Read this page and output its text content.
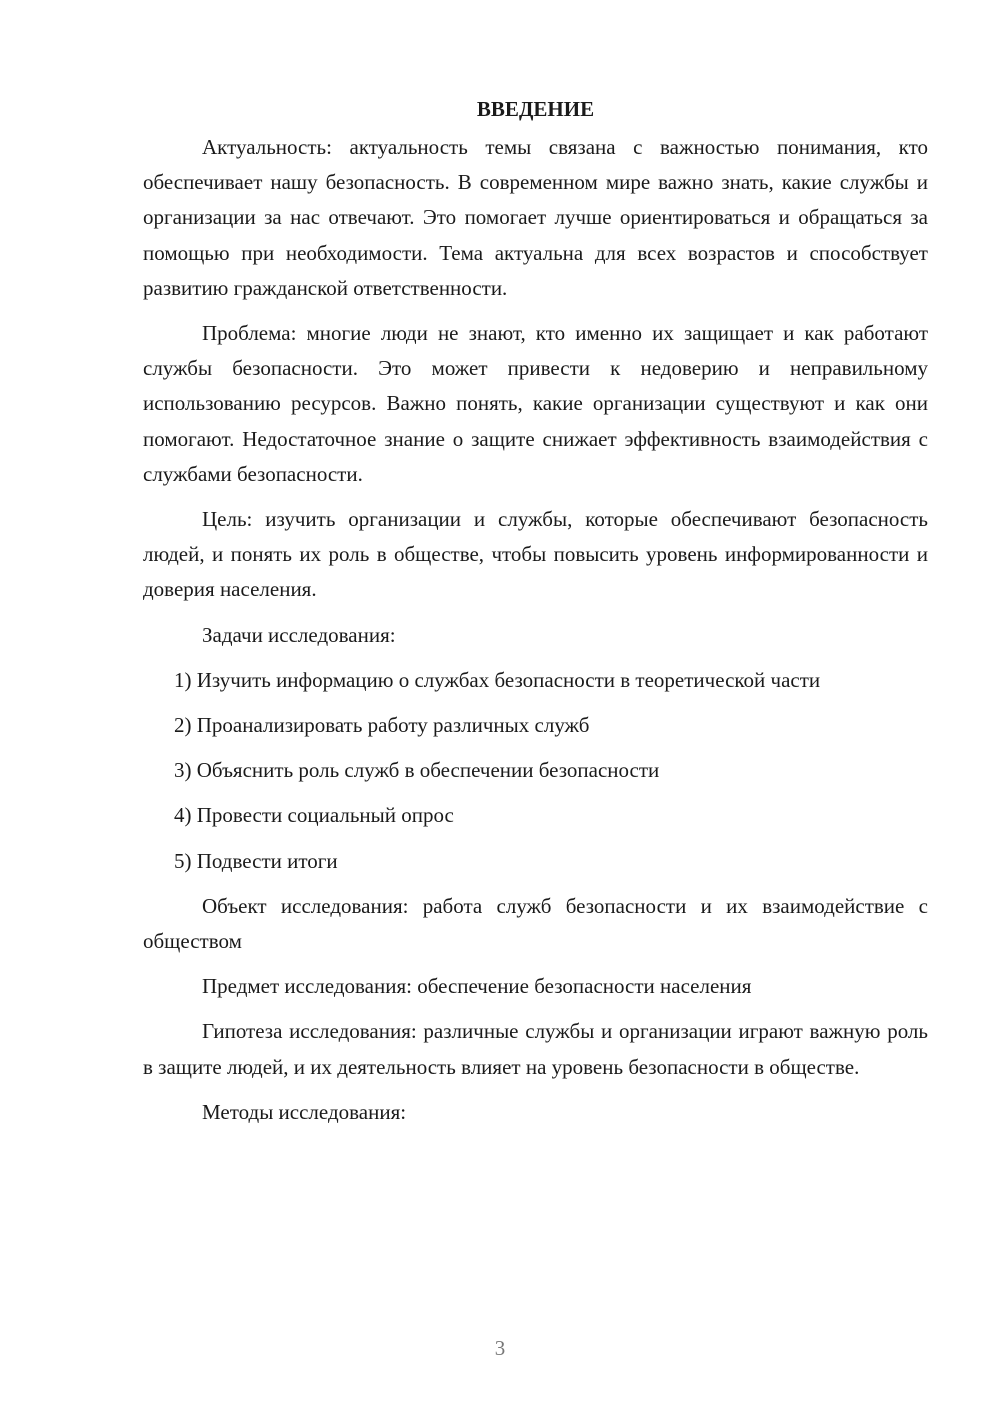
ВВЕДЕНИЕ

Актуальность: актуальность темы связана с важностью понимания, кто обеспечивает нашу безопасность. В современном мире важно знать, какие службы и организации за нас отвечают. Это помогает лучше ориентироваться и обращаться за помощью при необходимости. Тема актуальна для всех возрастов и способствует развитию гражданской ответственности.

Проблема: многие люди не знают, кто именно их защищает и как работают службы безопасности. Это может привести к недоверию и неправильному использованию ресурсов. Важно понять, какие организации существуют и как они помогают. Недостаточное знание о защите снижает эффективность взаимодействия с службами безопасности.

Цель: изучить организации и службы, которые обеспечивают безопасность людей, и понять их роль в обществе, чтобы повысить уровень информированности и доверия населения.

Задачи исследования:

1) Изучить информацию о службах безопасности в теоретической части

2) Проанализировать работу различных служб

3) Объяснить роль служб в обеспечении безопасности

4) Провести социальный опрос

5) Подвести итоги

Объект исследования: работа служб безопасности и их взаимодействие с обществом

Предмет исследования: обеспечение безопасности населения

Гипотеза исследования: различные службы и организации играют важную роль в защите людей, и их деятельность влияет на уровень безопасности в обществе.

Методы исследования:

3
